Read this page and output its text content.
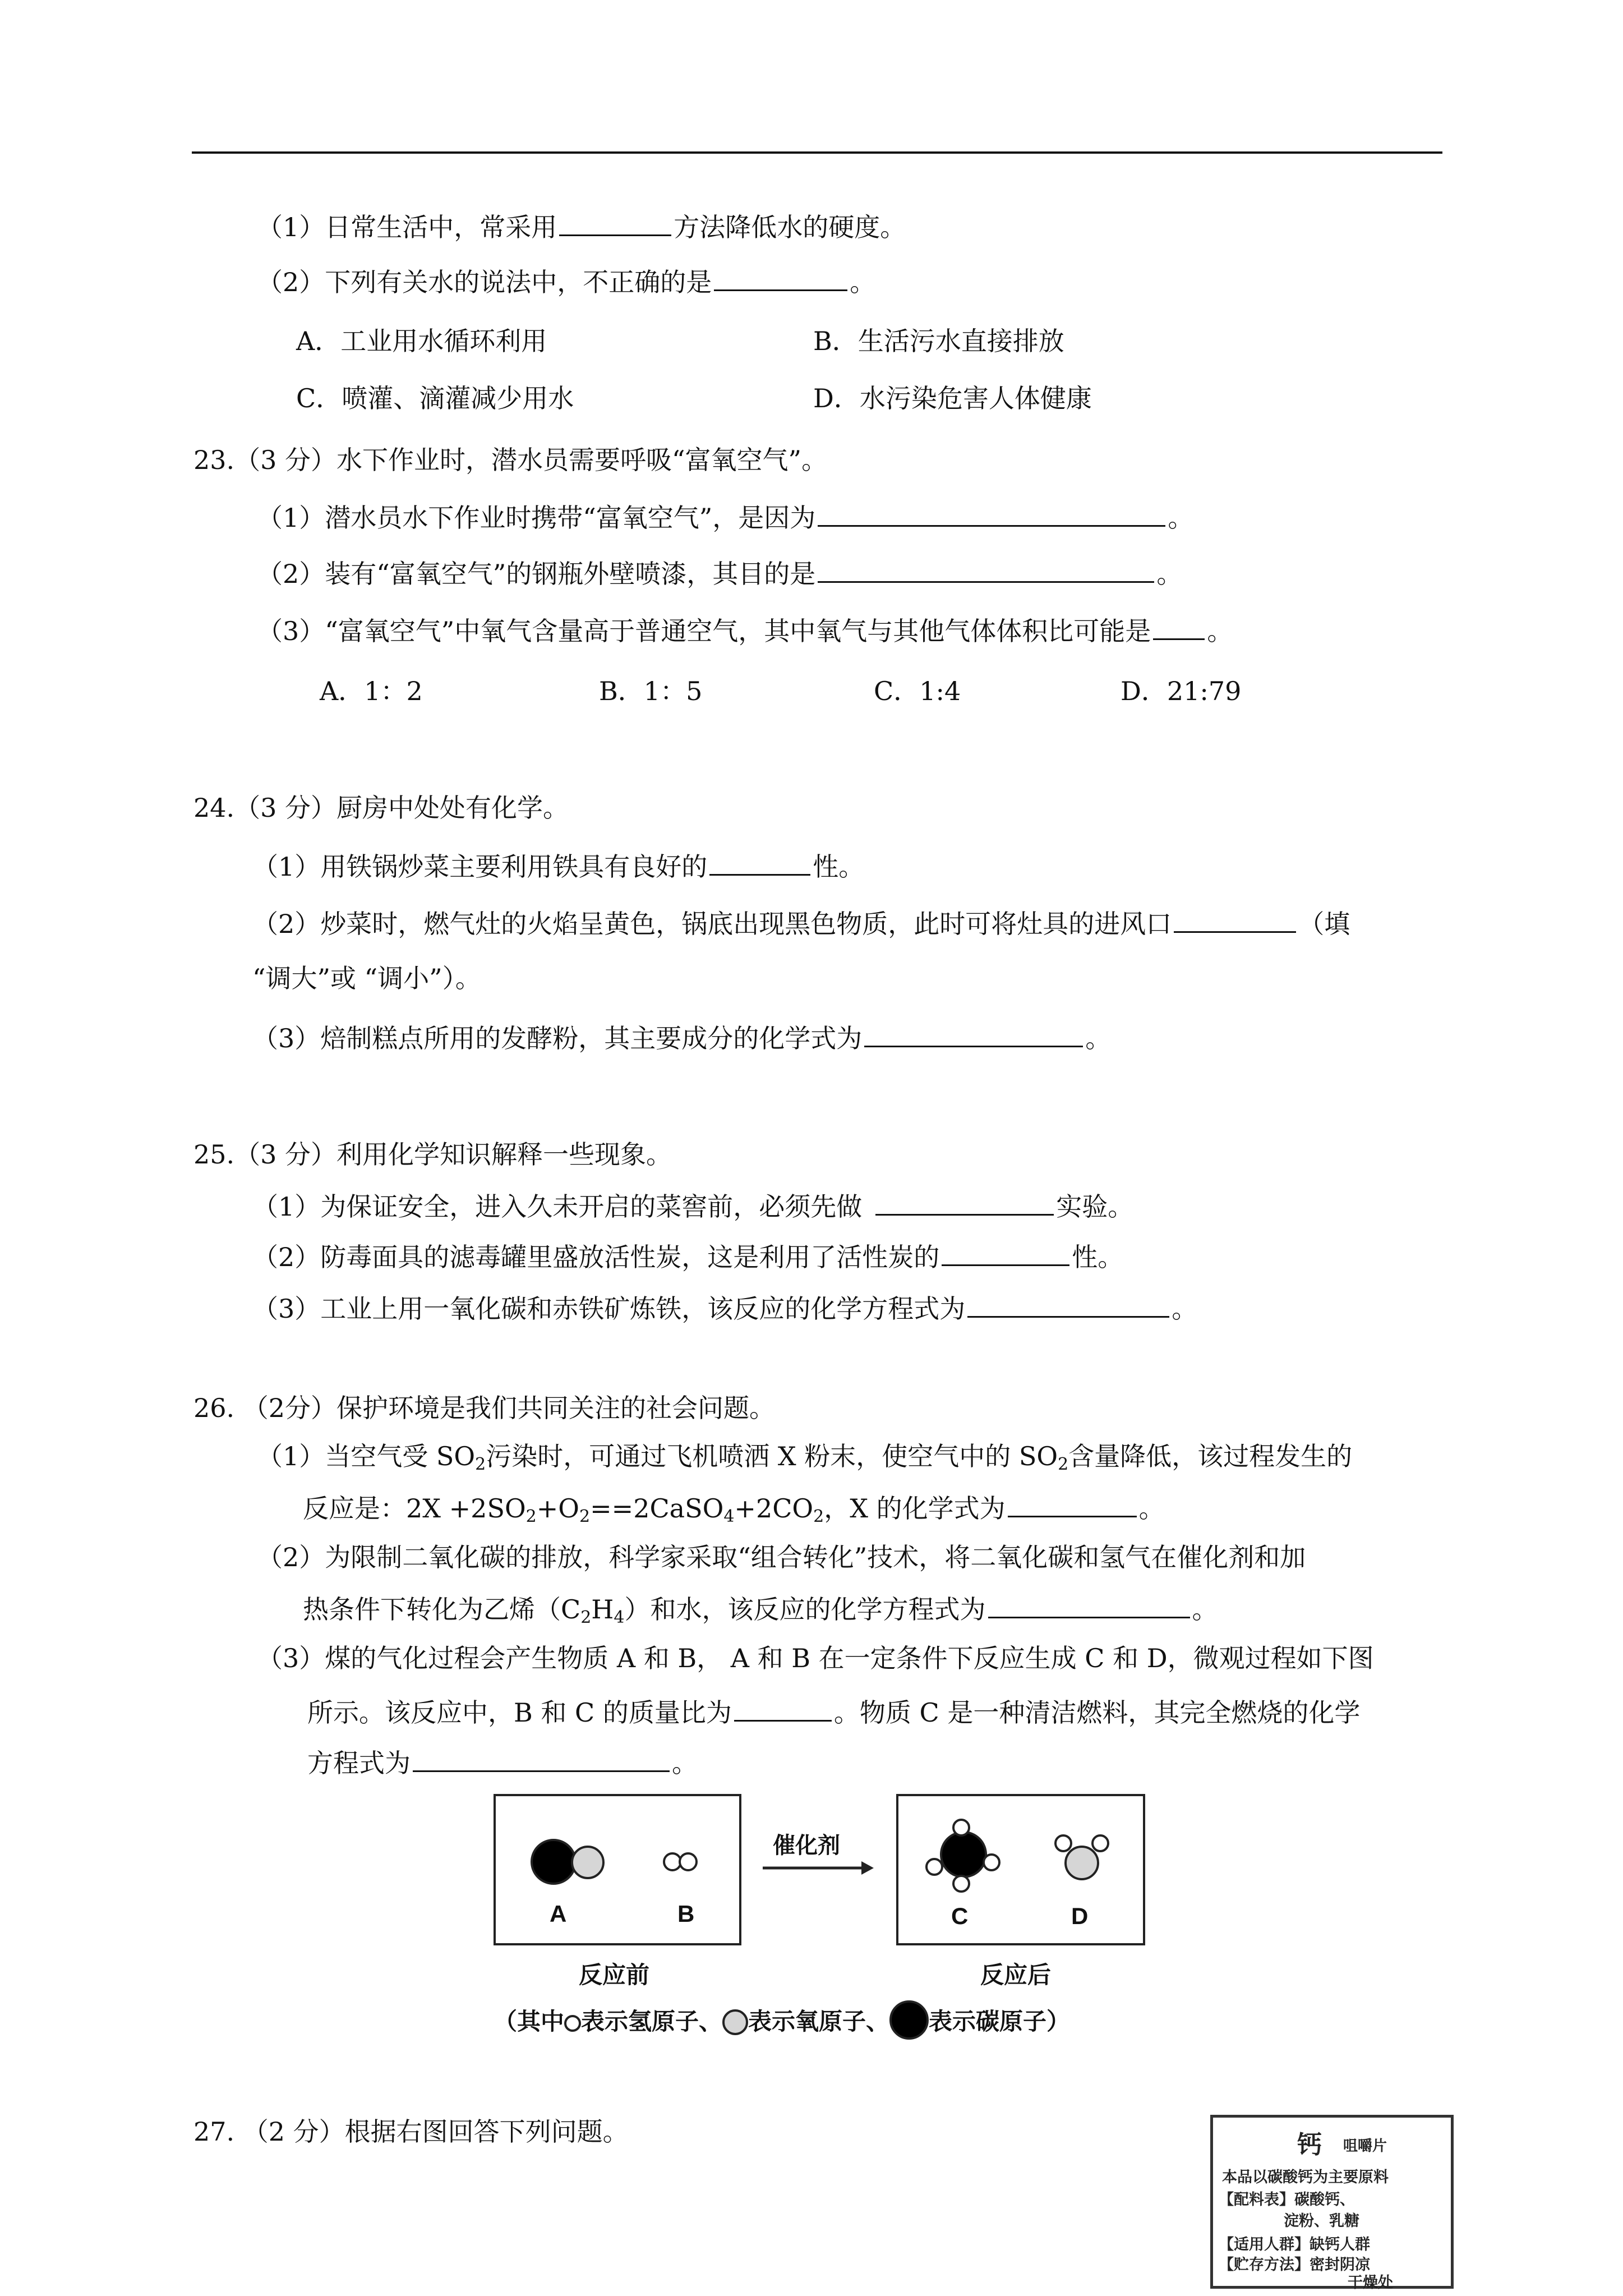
（1）日常生活中，常采用	方法降低水的硬度。
（2）下列有关水的说法中，不正确的是	。
A．工业用水循环利用	B．生活污水直接排放
C．喷灌、滴灌减少用水	D．水污染危害人体健康
23.（3 分）水下作业时，潜水员需要呼吸“富氧空气”。
（1）潜水员水下作业时携带“富氧空气”，是因为	。
（2）装有“富氧空气”的钢瓶外壁喷漆，其目的是	。
（3）“富氧空气”中氧气含量高于普通空气，其中氧气与其他气体体积比可能是 。
A．1：2	B．1：5	C．1:4	D．21:79
24.（3 分）厨房中处处有化学。
（1）用铁锅炒菜主要利用铁具有良好的	性。
（2）炒菜时，燃气灶的火焰呈黄色，锅底出现黑色物质，此时可将灶具的进风口	（填
“调大”或 “调小”）。
（3）焙制糕点所用的发酵粉，其主要成分的化学式为	。
25.（3 分）利用化学知识解释一些现象。
（1）为保证安全，进入久未开启的菜窖前，必须先做	实验。
（2）防毒面具的滤毒罐里盛放活性炭，这是利用了活性炭的	性。
（3）工业上用一氧化碳和赤铁矿炼铁，该反应的化学方程式为	。
26. （2分）保护环境是我们共同关注的社会问题。
（1）当空气受 $SO_2$污染时，可通过飞机喷洒 X 粉末，使空气中的 $SO_2$含量降低，该过程发生的
反应是：$2X +2SO_2+O_2==2CaSO_4+2CO_2$，X 的化学式为	。
（2）为限制二氧化碳的排放，科学家采取“组合转化”技术，将二氧化碳和氢气在催化剂和加
热条件下转化为乙烯$(C_2H_4)$和水，该反应的化学方程式为	。
（3）煤的气化过程会产生物质 A 和 B， A 和 B 在一定条件下反应生成 C 和 D，微观过程如下图
所示。该反应中，B 和 C 的质量比为	。物质 C 是一种清洁燃料，其完全燃烧的化学
方程式为	。
A	B
催化剂
C	D
反应前	反应后
（其中 表示氢原子、 表示氧原子、 表示碳原子）
27. （2 分）根据右图回答下列问题。	钙 咀嚼片
本品以碳酸钙为主要原料
【配料表】碳酸钙、
淀粉、乳糖
【适用人群】缺钙人群
【贮存方法】密封阴凉
干燥处
